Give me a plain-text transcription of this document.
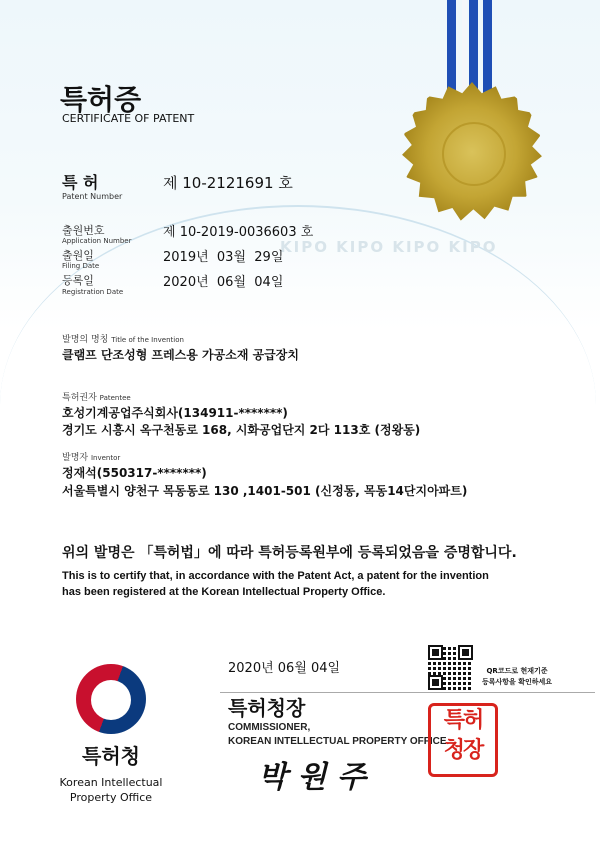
KIPO KIPO KIPO KIPO
특허증
CERTIFICATE OF PATENT
특 허
Patent Number
제 10-2121691 호
출원번호
Application Number
제 10-2019-0036603 호
출원일
Filing Date
2019년  03월  29일
등록일
Registration Date
2020년  06월  04일
발명의 명칭 Title of the Invention
클램프 단조성형 프레스용 가공소재 공급장치
특허권자 Patentee
호성기계공업주식회사(134911-*******)
경기도 시흥시 옥구천동로 168, 시화공업단지 2다 113호 (정왕동)
발명자 Inventor
정재석(550317-*******)
서울특별시 양천구 목동동로 130 ,1401-501 (신정동, 목동14단지아파트)
위의 발명은 「특허법」에 따라 특허등록원부에 등록되었음을 증명합니다.
This is to certify that, in accordance with the Patent Act, a patent for the invention
has been registered at the Korean Intellectual Property Office.
2020년 06월 04일	QR코드로 현재기준
등록사항을 확인하세요
특허청장
COMMISSIONER,
KOREAN INTELLECTUAL PROPERTY OFFICE
박 원 주
특허
청장
특허청
Korean Intellectual
Property Office
